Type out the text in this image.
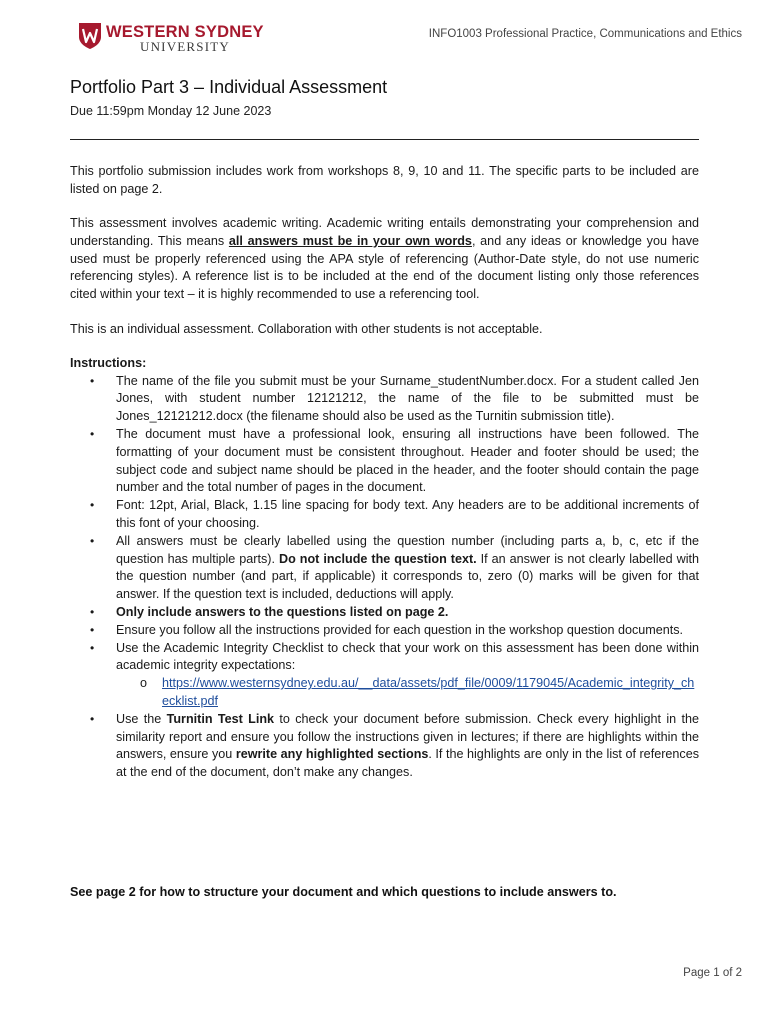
WESTERN SYDNEY
UNIVERSITY
INFO1003 Professional Practice, Communications and Ethics
Portfolio Part 3 – Individual Assessment
Due 11:59pm Monday 12 June 2023

This portfolio submission includes work from workshops 8, 9, 10 and 11. The specific parts to be included are listed on page 2.

This assessment involves academic writing. Academic writing entails demonstrating your comprehension and understanding. This means all answers must be in your own words, and any ideas or knowledge you have used must be properly referenced using the APA style of referencing (Author-Date style, do not use numeric referencing styles). A reference list is to be included at the end of the document listing only those references cited within your text – it is highly recommended to use a referencing tool.

This is an individual assessment. Collaboration with other students is not acceptable.

Instructions:
• The name of the file you submit must be your Surname_studentNumber.docx. For a student called Jen Jones, with student number 12121212, the name of the file to be submitted must be Jones_12121212.docx (the filename should also be used as the Turnitin submission title).
• The document must have a professional look, ensuring all instructions have been followed. The formatting of your document must be consistent throughout. Header and footer should be used; the subject code and subject name should be placed in the header, and the footer should contain the page number and the total number of pages in the document.
• Font: 12pt, Arial, Black, 1.15 line spacing for body text. Any headers are to be additional increments of this font of your choosing.
• All answers must be clearly labelled using the question number (including parts a, b, c, etc if the question has multiple parts). Do not include the question text. If an answer is not clearly labelled with the question number (and part, if applicable) it corresponds to, zero (0) marks will be given for that answer. If the question text is included, deductions will apply.
• Only include answers to the questions listed on page 2.
• Ensure you follow all the instructions provided for each question in the workshop question documents.
• Use the Academic Integrity Checklist to check that your work on this assessment has been done within academic integrity expectations:
o https://www.westernsydney.edu.au/__data/assets/pdf_file/0009/1179045/Academic_integrity_checklist.pdf
• Use the Turnitin Test Link to check your document before submission. Check every highlight in the similarity report and ensure you follow the instructions given in lectures; if there are highlights within the answers, ensure you rewrite any highlighted sections. If the highlights are only in the list of references at the end of the document, don’t make any changes.
See page 2 for how to structure your document and which questions to include answers to.
Page 1 of 2
